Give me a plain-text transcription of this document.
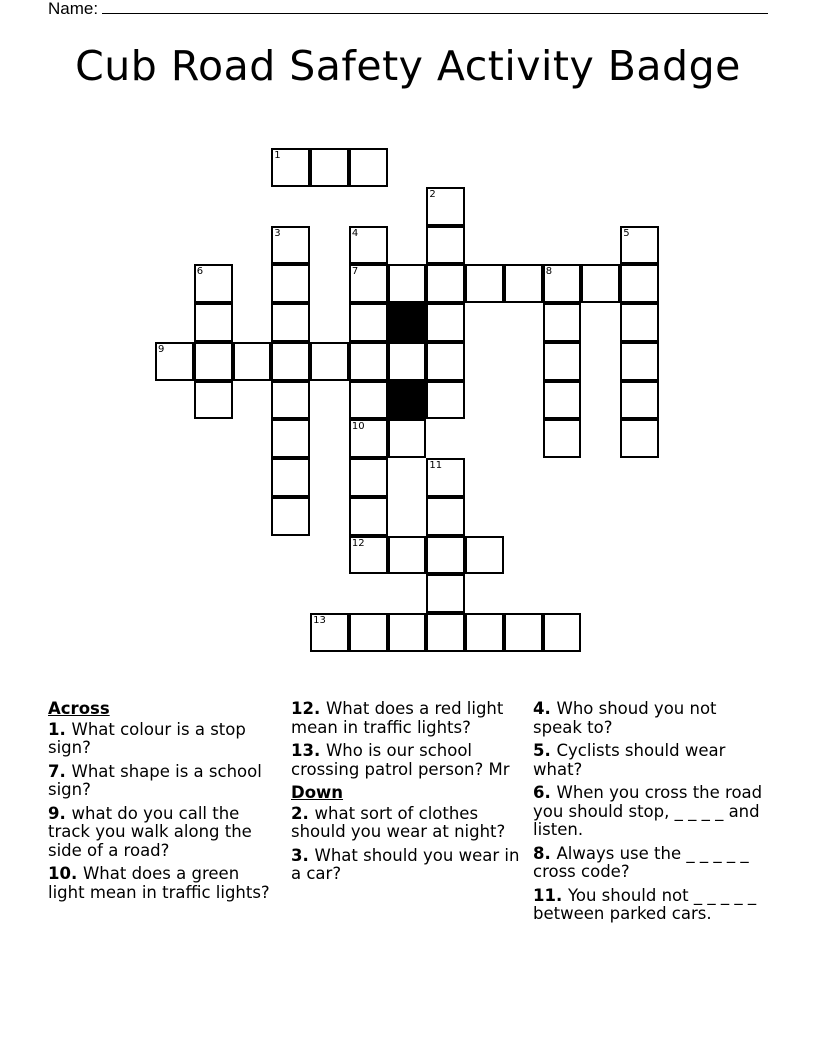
Name:
Cub Road Safety Activity Badge
1
2
3	4	5
6	7	8
9
10
11
12
13
Across
1. What colour is a stop sign?
7. What shape is a school sign?
9. what do you call the track you walk along the side of a road?
10. What does a green light mean in traffic lights?
12. What does a red light mean in traffic lights?
13. Who is our school crossing patrol person? Mr
Down
2. what sort of clothes should you wear at night?
3. What should you wear in a car?
4. Who shoud you not speak to?
5. Cyclists should wear what?
6. When you cross the road you should stop, _ _ _ _ and listen.
8. Always use the _ _ _ _ _ cross code?
11. You should not _ _ _ _ _ between parked cars.
